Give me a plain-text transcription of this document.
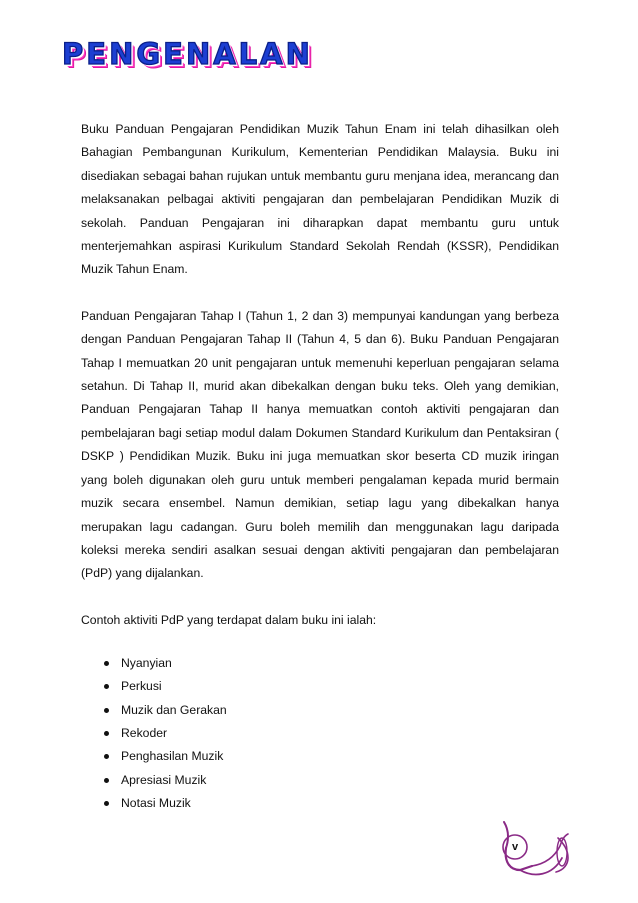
PENGENALAN

Buku Panduan Pengajaran Pendidikan Muzik Tahun Enam ini telah dihasilkan oleh Bahagian Pembangunan Kurikulum, Kementerian Pendidikan Malaysia. Buku ini disediakan sebagai bahan rujukan untuk membantu guru menjana idea, merancang dan melaksanakan pelbagai aktiviti pengajaran dan pembelajaran Pendidikan Muzik di sekolah. Panduan Pengajaran ini diharapkan dapat membantu guru untuk menterjemahkan aspirasi Kurikulum Standard Sekolah Rendah (KSSR), Pendidikan Muzik Tahun Enam.

Panduan Pengajaran Tahap I (Tahun 1, 2 dan 3) mempunyai kandungan yang berbeza dengan Panduan Pengajaran Tahap II (Tahun 4, 5 dan 6). Buku Panduan Pengajaran Tahap I memuatkan 20 unit pengajaran untuk memenuhi keperluan pengajaran selama setahun. Di Tahap II, murid akan dibekalkan dengan buku teks. Oleh yang demikian, Panduan Pengajaran Tahap II hanya memuatkan contoh aktiviti pengajaran dan pembelajaran bagi setiap modul dalam Dokumen Standard Kurikulum dan Pentaksiran ( DSKP ) Pendidikan Muzik. Buku ini juga memuatkan skor beserta CD muzik iringan yang boleh digunakan oleh guru untuk memberi pengalaman kepada murid bermain muzik secara ensembel. Namun demikian, setiap lagu yang dibekalkan hanya merupakan lagu cadangan. Guru boleh memilih dan menggunakan lagu daripada koleksi mereka sendiri asalkan sesuai dengan aktiviti pengajaran dan pembelajaran (PdP) yang dijalankan.

Contoh aktiviti PdP yang terdapat dalam buku ini ialah:

Nyanyian
Perkusi
Muzik dan Gerakan
Rekoder
Penghasilan Muzik
Apresiasi Muzik
Notasi Muzik
v
